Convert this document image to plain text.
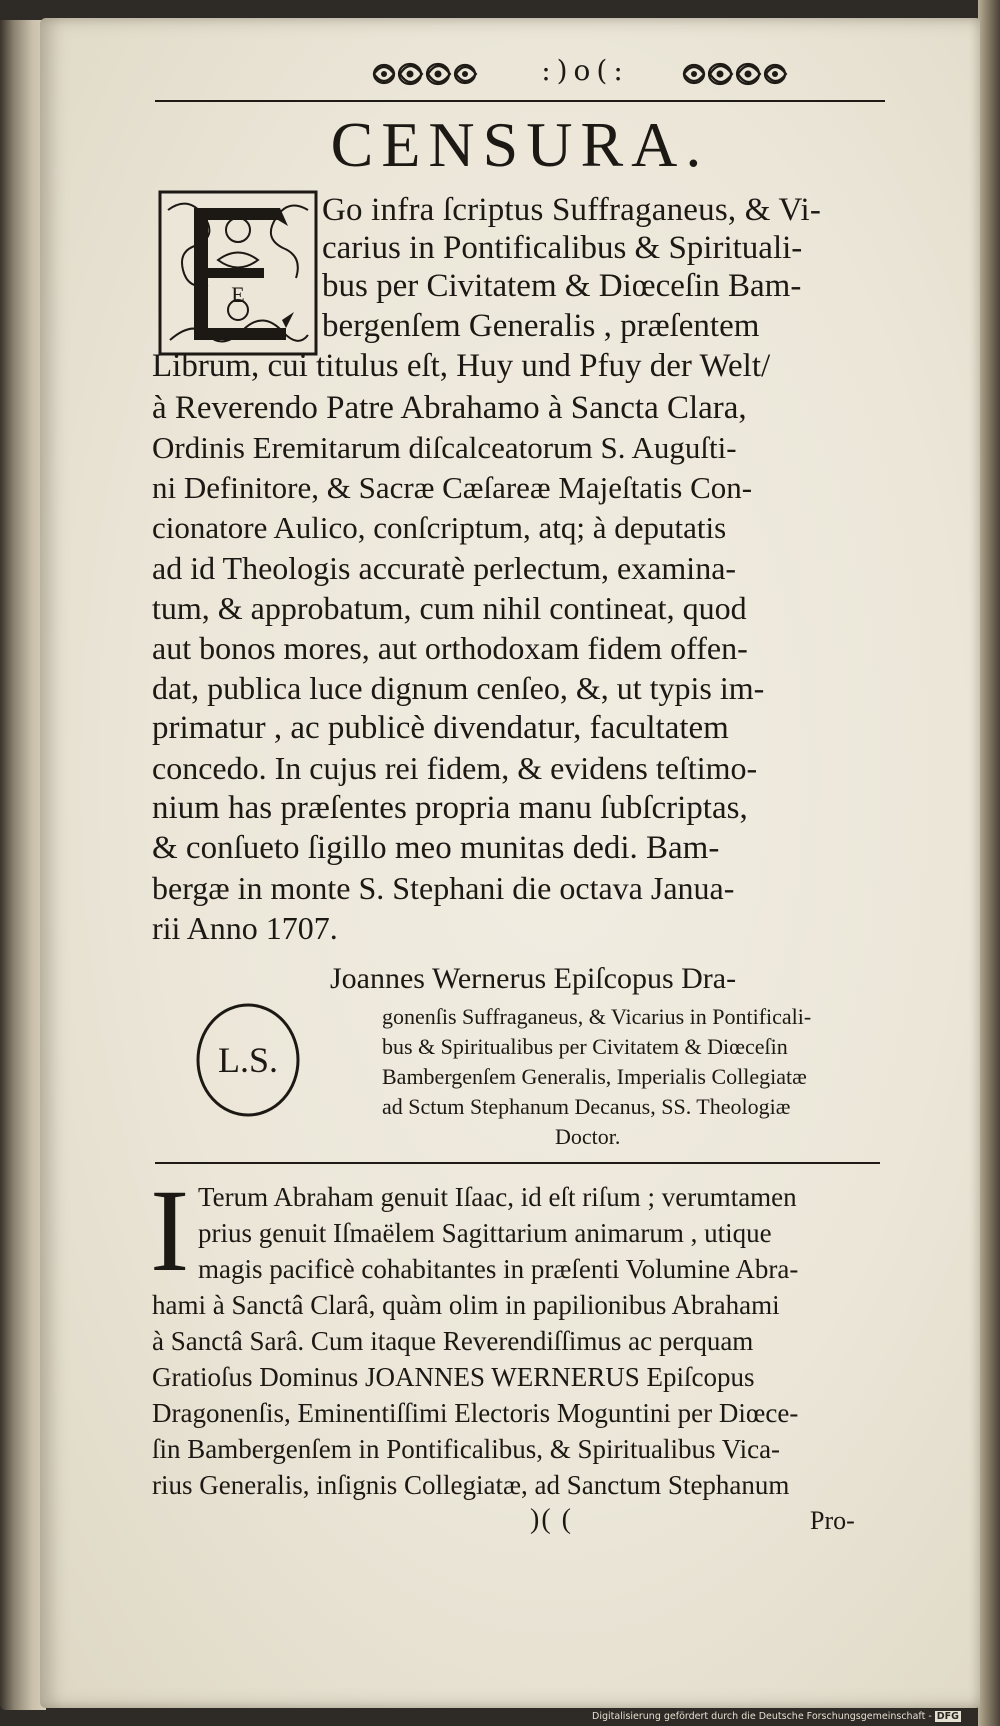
:)o(:
CENSURA.
E
Go infra ſcriptus Suffraganeus, & Vi-
carius in Pontificalibus & Spirituali-
bus per Civitatem & Diœceſin Bam-
bergenſem Generalis , præſentem
Librum, cui titulus eſt, Huy und Pfuy der Welt/
à Reverendo Patre Abrahamo à Sancta Clara,
Ordinis Eremitarum diſcalceatorum S. Auguſti-
ni Definitore, & Sacræ Cæſareæ Majeſtatis Con-
cionatore Aulico, conſcriptum, atq; à deputatis
ad id Theologis accuratè perlectum, examina-
tum, & approbatum, cum nihil contineat, quod
aut bonos mores, aut orthodoxam fidem offen-
dat, publica luce dignum cenſeo, &, ut typis im-
primatur , ac publicè divendatur, facultatem
concedo. In cujus rei fidem, & evidens teſtimo-
nium has præſentes propria manu ſubſcriptas,
& conſueto ſigillo meo munitas dedi. Bam-
bergæ in monte S. Stephani die octava Janua-
rii Anno 1707.
L.S.
Joannes Wernerus Epiſcopus Dra-
gonenſis Suffraganeus, & Vicarius in Pontificali-
bus & Spiritualibus per Civitatem & Diœceſin
Bambergenſem Generalis, Imperialis Collegiatæ
ad Sctum Stephanum Decanus, SS. Theologiæ
Doctor.
I Terum Abraham genuit Iſaac, id eſt riſum ; verumtamen
prius genuit Iſmaëlem Sagittarium animarum , utique
magis pacificè cohabitantes in præſenti Volumine Abra-
hami à Sanctâ Clarâ, quàm olim in papilionibus Abrahami
à Sanctâ Sarâ. Cum itaque Reverendiſſimus ac perquam
Gratioſus Dominus JOANNES WERNERUS Epiſcopus
Dragonenſis, Eminentiſſimi Electoris Moguntini per Diœce-
ſin Bambergenſem in Pontificalibus, & Spiritualibus Vica-
rius Generalis, inſignis Collegiatæ, ad Sanctum Stephanum
)( (	Pro-
Digitalisierung gefördert durch die Deutsche Forschungsgemeinschaft - DFG
